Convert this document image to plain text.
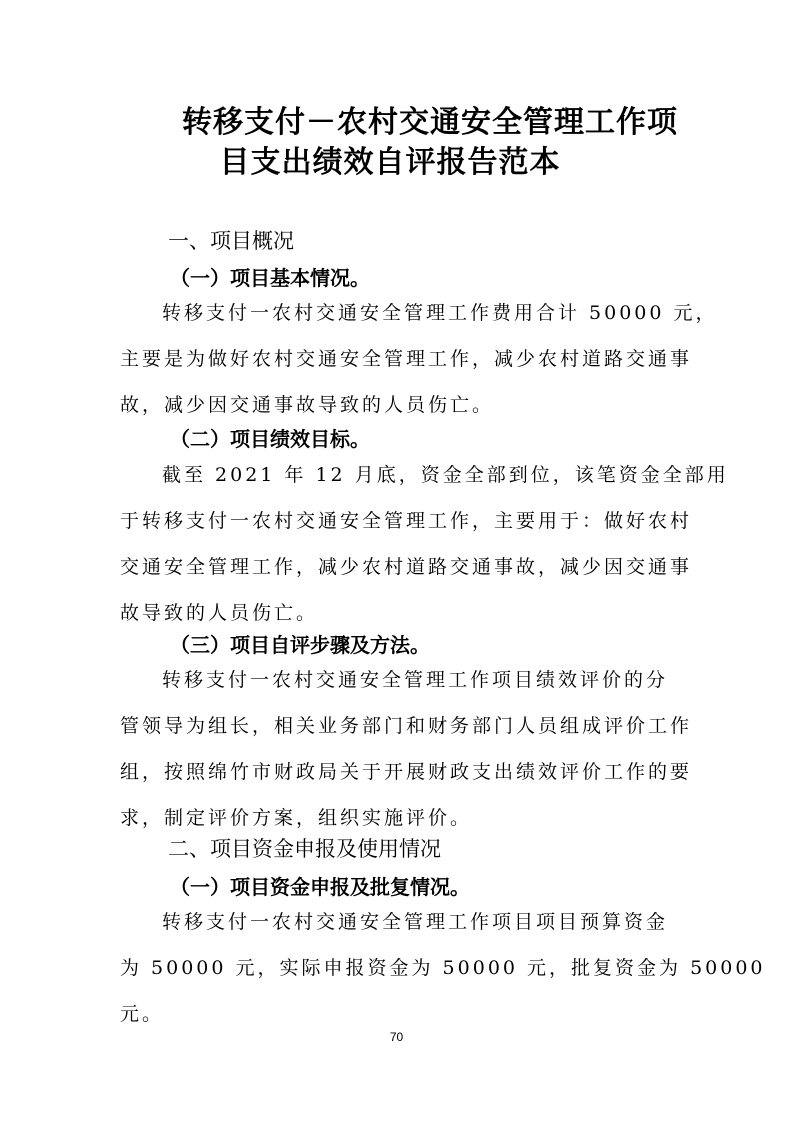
转移支付－农村交通安全管理工作项
目支出绩效自评报告范本
一、项目概况
（一）项目基本情况。
转移支付一农村交通安全管理工作费用合计 50000 元，
主要是为做好农村交通安全管理工作，减少农村道路交通事
故，减少因交通事故导致的人员伤亡。
（二）项目绩效目标。
截至 2021 年 12 月底，资金全部到位，该笔资金全部用
于转移支付一农村交通安全管理工作，主要用于：做好农村
交通安全管理工作，减少农村道路交通事故，减少因交通事
故导致的人员伤亡。
（三）项目自评步骤及方法。
转移支付一农村交通安全管理工作项目绩效评价的分
管领导为组长，相关业务部门和财务部门人员组成评价工作
组，按照绵竹市财政局关于开展财政支出绩效评价工作的要
求，制定评价方案，组织实施评价。
二、项目资金申报及使用情况
（一）项目资金申报及批复情况。
转移支付一农村交通安全管理工作项目项目预算资金
为 50000 元，实际申报资金为 50000 元，批复资金为 50000
元。
70
